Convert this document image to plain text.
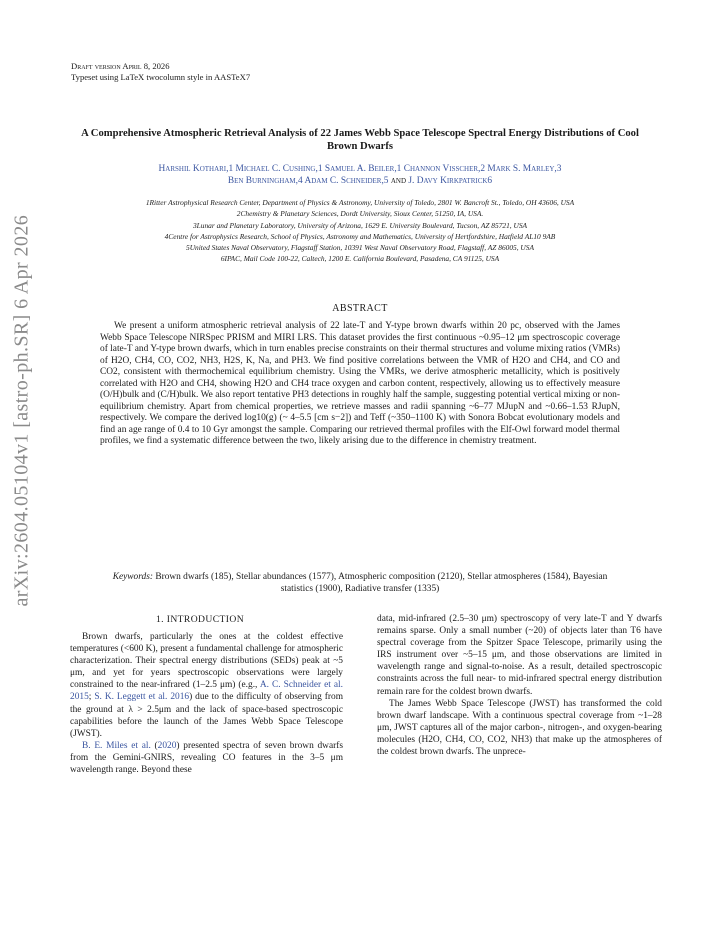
arXiv:2604.05104v1 [astro-ph.SR] 6 Apr 2026
Draft version April 8, 2026
Typeset using LaTeX twocolumn style in AASTeX7
A Comprehensive Atmospheric Retrieval Analysis of 22 James Webb Space Telescope Spectral Energy Distributions of Cool Brown Dwarfs
Harshil Kothari,1 Michael C. Cushing,1 Samuel A. Beiler,1 Channon Visscher,2 Mark S. Marley,3
Ben Burningham,4 Adam C. Schneider,5 and J. Davy Kirkpatrick6
1Ritter Astrophysical Research Center, Department of Physics & Astronomy, University of Toledo, 2801 W. Bancroft St., Toledo, OH 43606, USA
2Chemistry & Planetary Sciences, Dordt University, Sioux Center, 51250, IA, USA.
3Lunar and Planetary Laboratory, University of Arizona, 1629 E. University Boulevard, Tucson, AZ 85721, USA
4Centre for Astrophysics Research, School of Physics, Astronomy and Mathematics, University of Hertfordshire, Hatfield AL10 9AB
5United States Naval Observatory, Flagstaff Station, 10391 West Naval Observatory Road, Flagstaff, AZ 86005, USA
6IPAC, Mail Code 100-22, Caltech, 1200 E. California Boulevard, Pasadena, CA 91125, USA
ABSTRACT
We present a uniform atmospheric retrieval analysis of 22 late-T and Y-type brown dwarfs within 20 pc, observed with the James Webb Space Telescope NIRSpec PRISM and MIRI LRS. This dataset provides the first continuous ~0.95–12 μm spectroscopic coverage of late-T and Y-type brown dwarfs, which in turn enables precise constraints on their thermal structures and volume mixing ratios (VMRs) of H2O, CH4, CO, CO2, NH3, H2S, K, Na, and PH3. We find positive correlations between the VMR of H2O and CH4, and CO and CO2, consistent with thermochemical equilibrium chemistry. Using the VMRs, we derive atmospheric metallicity, which is positively correlated with H2O and CH4, showing H2O and CH4 trace oxygen and carbon content, respectively, allowing us to effectively measure (O/H)bulk and (C/H)bulk. We also report tentative PH3 detections in roughly half the sample, suggesting potential vertical mixing or non-equilibrium chemistry. Apart from chemical properties, we retrieve masses and radii spanning ~6–77 MJupN and ~0.66–1.53 RJupN, respectively. We compare the derived log10(g) (~ 4–5.5 [cm s−2]) and Teff (~350–1100 K) with Sonora Bobcat evolutionary models and find an age range of 0.4 to 10 Gyr amongst the sample. Comparing our retrieved thermal profiles with the Elf-Owl forward model thermal profiles, we find a systematic difference between the two, likely arising due to the difference in chemistry treatment.
Keywords: Brown dwarfs (185), Stellar abundances (1577), Atmospheric composition (2120), Stellar atmospheres (1584), Bayesian statistics (1900), Radiative transfer (1335)
1. INTRODUCTION

Brown dwarfs, particularly the ones at the coldest effective temperatures (<600 K), present a fundamental challenge for atmospheric characterization. Their spectral energy distributions (SEDs) peak at ~5 μm, and yet for years spectroscopic observations were largely constrained to the near-infrared (1–2.5 μm) (e.g., A. C. Schneider et al. 2015; S. K. Leggett et al. 2016) due to the difficulty of observing from the ground at λ > 2.5μm and the lack of space-based spectroscopic capabilities before the launch of the James Webb Space Telescope (JWST).

B. E. Miles et al. (2020) presented spectra of seven brown dwarfs from the Gemini-GNIRS, revealing CO features in the 3–5 μm wavelength range. Beyond these

data, mid-infrared (2.5–30 μm) spectroscopy of very late-T and Y dwarfs remains sparse. Only a small number (~20) of objects later than T6 have spectral coverage from the Spitzer Space Telescope, primarily using the IRS instrument over ~5–15 μm, and those observations are limited in wavelength range and signal-to-noise. As a result, detailed spectroscopic constraints across the full near- to mid-infrared spectral energy distribution remain rare for the coldest brown dwarfs.

The James Webb Space Telescope (JWST) has transformed the cold brown dwarf landscape. With a continuous spectral coverage from ~1–28 μm, JWST captures all of the major carbon-, nitrogen-, and oxygen-bearing molecules (H2O, CH4, CO, CO2, NH3) that make up the atmospheres of the coldest brown dwarfs. The unprece-
